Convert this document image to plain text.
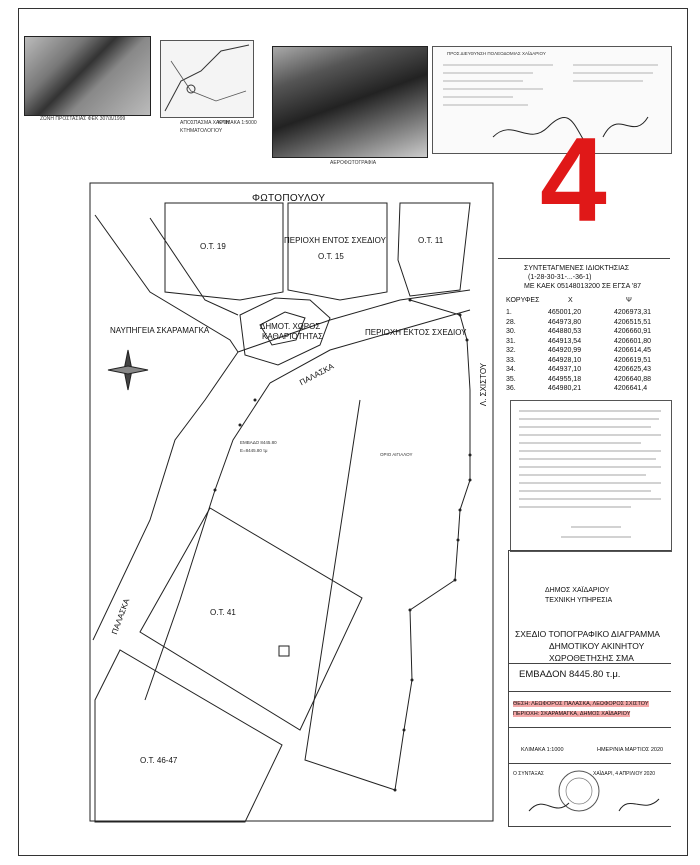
ΖΩΝΗ ΠΡΟΣΤΑΣΙΑΣ ΦΕΚ 307/Δ/1999
ΑΠΟΣΠΑΣΜΑ ΧΑΡΤΗ
ΚΤΗΜΑΤΟΛΟΓΙΟΥ
ΚΛΙΜΑΚΑ 1:5000
ΑΕΡΟΦΩΤΟΓΡΑΦΙΑ
ΠΡΟΣ ΔΙΕΥΘΥΝΣΗ ΠΟΛΕΟΔΟΜΙΑΣ ΧΑΪΔΑΡΙΟΥ
4
ΦΩΤΟΠΟΥΛΟΥ
Ο.Τ. 19
ΠΕΡΙΟΧΗ ΕΝΤΟΣ ΣΧΕΔΙΟΥ
Ο.Τ. 15
Ο.Τ. 11
ΔΗΜΟΤ. ΧΩΡΟΣ
ΚΑΘΑΡΙΟΤΗΤΑΣ	ΠΕΡΙΟΧΗ ΕΚΤΟΣ ΣΧΕΔΙΟΥ
ΝΑΥΠΗΓΕΙΑ ΣΚΑΡΑΜΑΓΚΑ
ΠΑΛΑΣΚΑ	Λ. ΣΧΙΣΤΟΥ
ΕΜΒΑΔΟ 8445.80
Ε=8445.80 τμ
ΟΡΙΟ ΑΙΓΙΑΛΟΥ
Ο.Τ. 41
ΠΑΛΑΣΚΑ
Ο.Τ. 46-47
ΣΥΝΤΕΤΑΓΜΕΝΕΣ ΙΔΙΟΚΤΗΣΙΑΣ
(1-28-30-31-...-36-1)
ΜΕ ΚΑΕΚ 05148013200 ΣΕ ΕΓΣΑ '87
ΚΟΡΥΦΕΣ	X	Ψ
1.	465001,20	4206973,31
28.	464973,80	4206515,51
30.	464880,53	4206660,91
31.	464913,54	4206601,80
32.	464920,99	4206614,45
33.	464928,10	4206619,51
34.	464937,10	4206625,43
35.	464955,18	4206640,88
36.	464980,21	4206641,4
ΔΗΜΟΣ ΧΑΪΔΑΡΙΟΥ
ΤΕΧΝΙΚΗ ΥΠΗΡΕΣΙΑ
ΣΧΕΔΙΟ ΤΟΠΟΓΡΑΦΙΚΟ ΔΙΑΓΡΑΜΜΑ
ΔΗΜΟΤΙΚΟΥ ΑΚΙΝΗΤΟΥ
ΧΩΡΟΘΕΤΗΣΗΣ ΣΜΑ
ΕΜΒΑΔΟΝ 8445.80 τ.μ.
ΘΕΣΗ: ΛΕΩΦΟΡΟΣ ΠΑΛΑΣΚΑ, ΛΕΩΦΟΡΟΣ ΣΧΙΣΤΟΥ
ΠΕΡΙΟΧΗ: ΣΚΑΡΑΜΑΓΚΑ, ΔΗΜΟΣ ΧΑΪΔΑΡΙΟΥ
ΚΛΙΜΑΚΑ 1:1000	ΗΜΕΡ/ΝΙΑ ΜΑΡΤΙΟΣ 2020
Ο ΣΥΝΤΑΞΑΣ	ΧΑΪΔΑΡΙ, 4 ΑΠΡΙΛΙΟΥ 2020
